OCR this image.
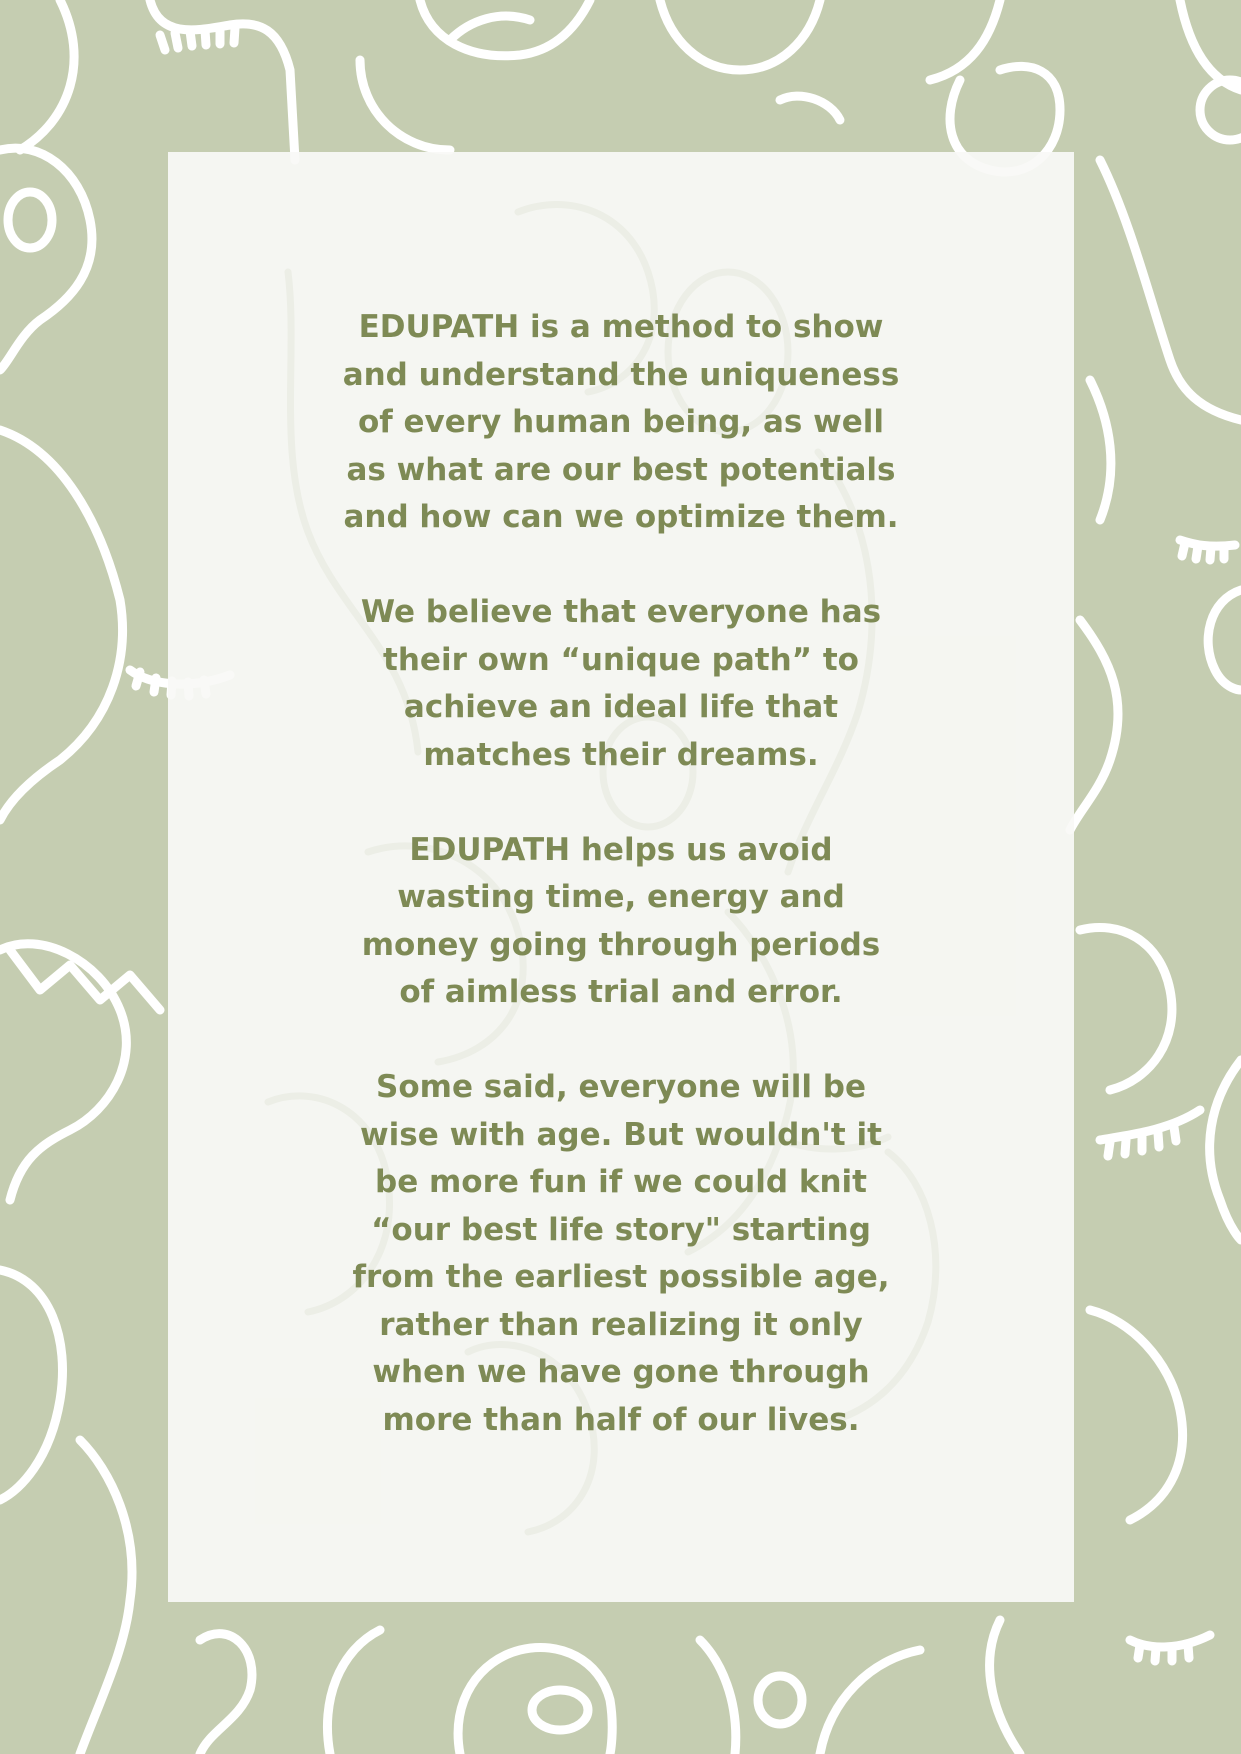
EDUPATH is a method to show
and understand the uniqueness
of every human being, as well
as what are our best potentials
and how can we optimize them.
We believe that everyone has
their own “unique path” to
achieve an ideal life that
matches their dreams.
EDUPATH helps us avoid
wasting time, energy and
money going through periods
of aimless trial and error.
Some said, everyone will be
wise with age. But wouldn't it
be more fun if we could knit
“our best life story" starting
from the earliest possible age,
rather than realizing it only
when we have gone through
more than half of our lives.
